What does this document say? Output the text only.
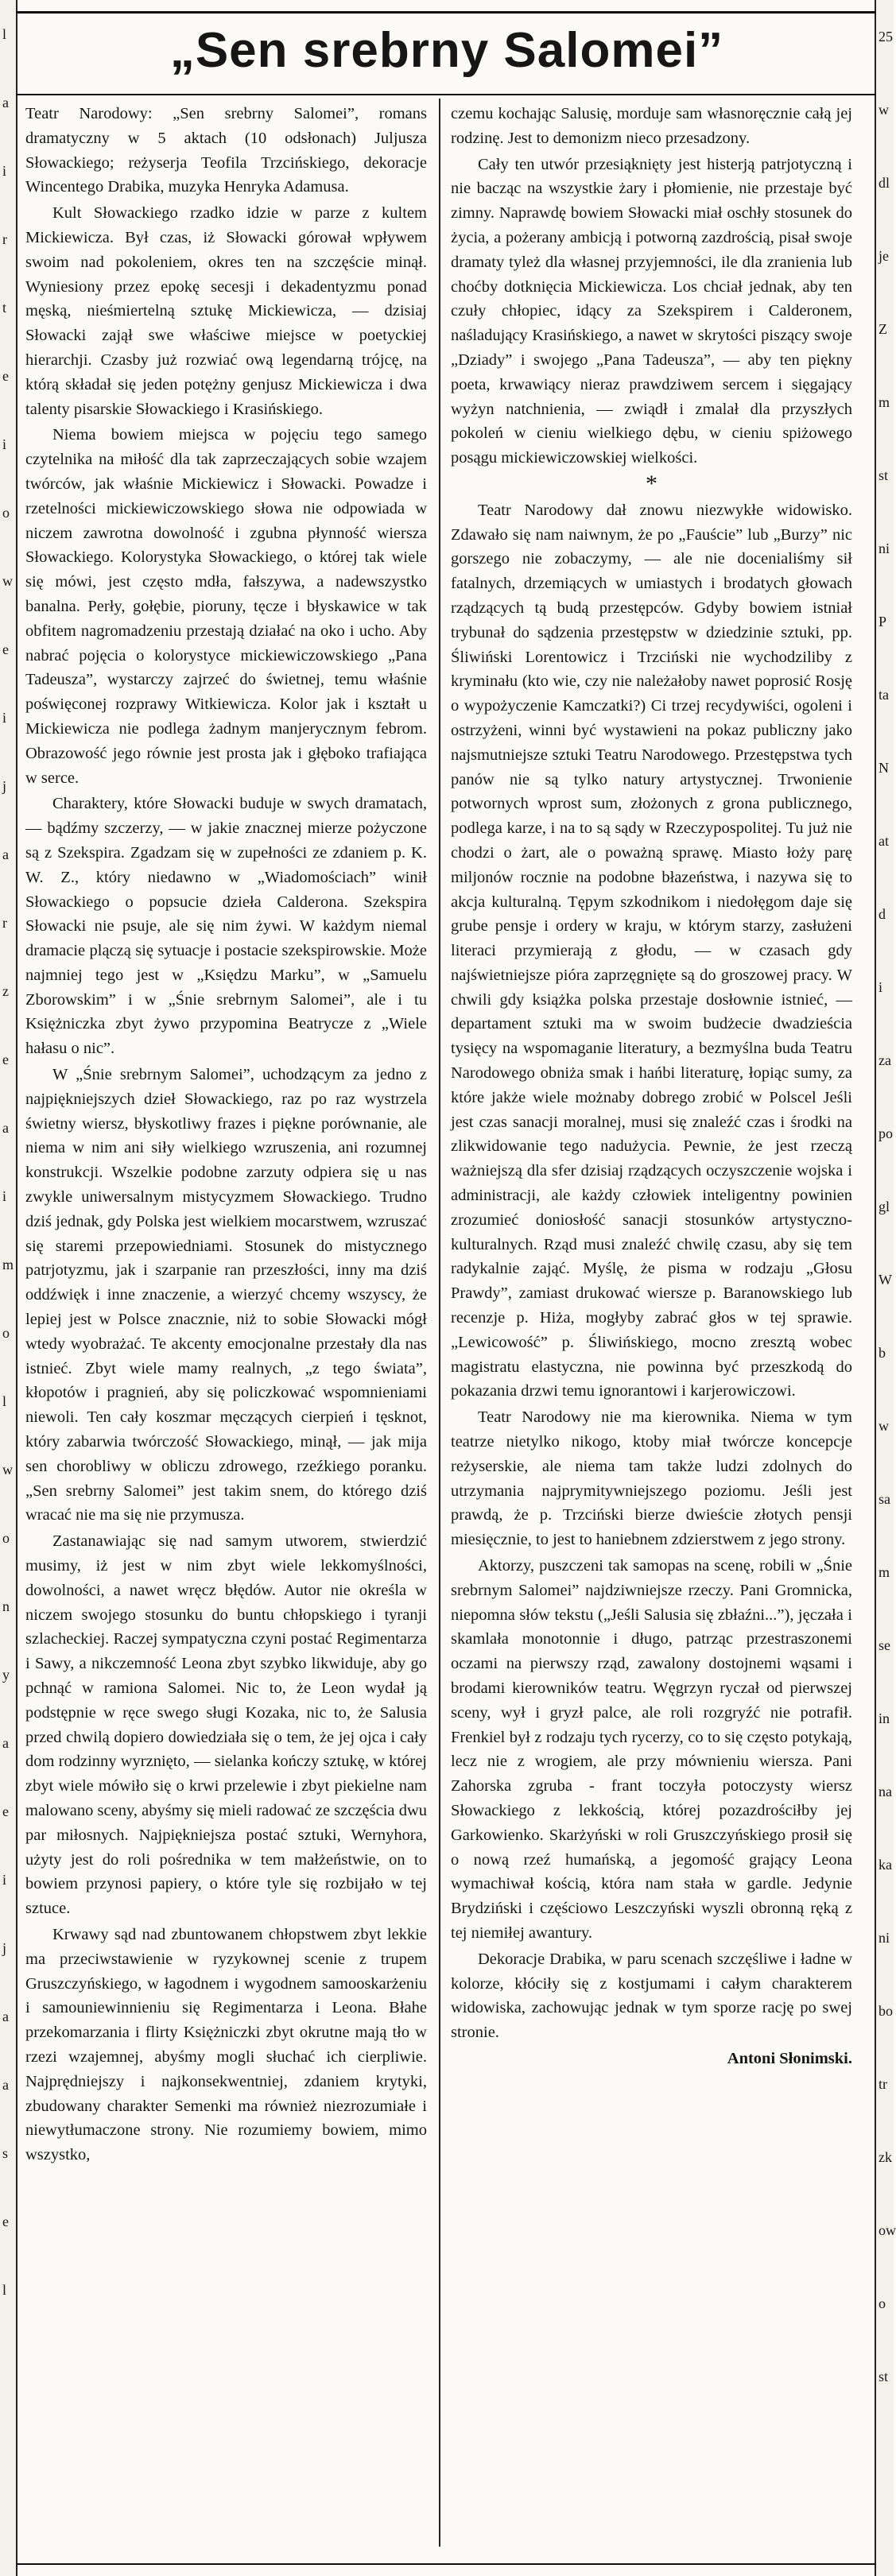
l
a
i
r
t
e
i
o
w
e
i
j
a
r
z
e
a
i
m
o
l
w
o
n
y
a
e
i
j
a
a
s
e
l
25
w
dl
je
Z
m
st
ni
P
ta
N
at
d
i
za
po
gl
W
b
w
sa
m
se
in
na
ka
ni
bo
tr
zk
ow
o
st
„Sen srebrny Salomei”

Teatr Narodowy: „Sen srebrny Salomei”, romans dramatyczny w 5 aktach (10 odsłonach) Juljusza Słowackiego; reżyserja Teofila Trzcińskiego, dekoracje Wincentego Drabika, muzyka Henryka Adamusa.

Kult Słowackiego rzadko idzie w parze z kultem Mickiewicza. Był czas, iż Słowacki górował wpływem swoim nad pokoleniem, okres ten na szczęście minął. Wyniesiony przez epokę secesji i dekadentyzmu ponad męską, nieśmiertelną sztukę Mickiewicza, — dzisiaj Słowacki zajął swe właściwe miejsce w poetyckiej hierarchji. Czasby już rozwiać ową legendarną trójcę, na którą składał się jeden potężny genjusz Mickiewicza i dwa talenty pisarskie Słowackiego i Krasińskiego.

Niema bowiem miejsca w pojęciu tego samego czytelnika na miłość dla tak zaprzeczających sobie wzajem twórców, jak właśnie Mickiewicz i Słowacki. Powadze i rzetelności mickiewiczowskiego słowa nie odpowiada w niczem zawrotna dowolność i zgubna płynność wiersza Słowackiego. Kolorystyka Słowackiego, o której tak wiele się mówi, jest często mdła, fałszywa, a nadewszystko banalna. Perły, gołębie, pioruny, tęcze i błyskawice w tak obfitem nagromadzeniu przestają działać na oko i ucho. Aby nabrać pojęcia o kolorystyce mickiewiczowskiego „Pana Tadeusza”, wystarczy zajrzeć do świetnej, temu właśnie poświęconej rozprawy Witkiewicza. Kolor jak i kształt u Mickiewicza nie podlega żadnym manjerycznym febrom. Obrazowość jego równie jest prosta jak i głęboko trafiająca w serce.

Charaktery, które Słowacki buduje w swych dramatach, — bądźmy szczerzy, — w jakie znacznej mierze pożyczone są z Szekspira. Zgadzam się w zupełności ze zdaniem p. K. W. Z., który niedawno w „Wiadomościach” winił Słowackiego o popsucie dzieła Calderona. Szekspira Słowacki nie psuje, ale się nim żywi. W każdym niemal dramacie plączą się sytuacje i postacie szekspirowskie. Może najmniej tego jest w „Księdzu Marku”, w „Samuelu Zborowskim” i w „Śnie srebrnym Salomei”, ale i tu Księżniczka zbyt żywo przypomina Beatrycze z „Wiele hałasu o nic”.

W „Śnie srebrnym Salomei”, uchodzącym za jedno z najpiękniejszych dzieł Słowackiego, raz po raz wystrzela świetny wiersz, błyskotliwy frazes i piękne porównanie, ale niema w nim ani siły wielkiego wzruszenia, ani rozumnej konstrukcji. Wszelkie podobne zarzuty odpiera się u nas zwykle uniwersalnym mistycyzmem Słowackiego. Trudno dziś jednak, gdy Polska jest wielkiem mocarstwem, wzruszać się staremi przepowiedniami. Stosunek do mistycznego patrjotyzmu, jak i szarpanie ran przeszłości, inny ma dziś oddźwięk i inne znaczenie, a wierzyć chcemy wszyscy, że lepiej jest w Polsce znacznie, niż to sobie Słowacki mógł wtedy wyobrażać. Te akcenty emocjonalne przestały dla nas istnieć. Zbyt wiele mamy realnych, „z tego świata”, kłopotów i pragnień, aby się policzkować wspomnieniami niewoli. Ten cały koszmar męczących cierpień i tęsknot, który zabarwia twórczość Słowackiego, minął, — jak mija sen chorobliwy w obliczu zdrowego, rzeźkiego poranku. „Sen srebrny Salomei” jest takim snem, do którego dziś wracać nie ma się nie przymusza.

Zastanawiając się nad samym utworem, stwierdzić musimy, iż jest w nim zbyt wiele lekkomyślności, dowolności, a nawet wręcz błędów. Autor nie określa w niczem swojego stosunku do buntu chłopskiego i tyranji szlacheckiej. Raczej sympatyczna czyni postać Regimentarza i Sawy, a nikczemność Leona zbyt szybko likwiduje, aby go pchnąć w ramiona Salomei. Nic to, że Leon wydał ją podstępnie w ręce swego sługi Kozaka, nic to, że Salusia przed chwilą dopiero dowiedziała się o tem, że jej ojca i cały dom rodzinny wyrznięto, — sielanka kończy sztukę, w której zbyt wiele mówiło się o krwi przelewie i zbyt piekielne nam malowano sceny, abyśmy się mieli radować ze szczęścia dwu par miłosnych. Najpiękniejsza postać sztuki, Wernyhora, użyty jest do roli pośrednika w tem małżeństwie, on to bowiem przynosi papiery, o które tyle się rozbijało w tej sztuce.

Krwawy sąd nad zbuntowanem chłopstwem zbyt lekkie ma przeciwstawienie w ryzykownej scenie z trupem Gruszczyńskiego, w łagodnem i wygodnem samooskarżeniu i samouniewinnieniu się Regimentarza i Leona. Błahe przekomarzania i flirty Księżniczki zbyt okrutne mają tło w rzezi wzajemnej, abyśmy mogli słuchać ich cierpliwie. Najprędniejszy i najkonsekwentniej, zdaniem krytyki, zbudowany charakter Semenki ma również niezrozumiałe i niewytłumaczone strony. Nie rozumiemy bowiem, mimo wszystko,

czemu kochając Salusię, morduje sam własnoręcznie całą jej rodzinę. Jest to demonizm nieco przesadzony.

Cały ten utwór przesiąknięty jest histerją patrjotyczną i nie bacząc na wszystkie żary i płomienie, nie przestaje być zimny. Naprawdę bowiem Słowacki miał oschły stosunek do życia, a pożerany ambicją i potworną zazdrością, pisał swoje dramaty tyleż dla własnej przyjemności, ile dla zranienia lub choćby dotknięcia Mickiewicza. Los chciał jednak, aby ten czuły chłopiec, idący za Szekspirem i Calderonem, naśladujący Krasińskiego, a nawet w skrytości piszący swoje „Dziady” i swojego „Pana Tadeusza”, — aby ten piękny poeta, krwawiący nieraz prawdziwem sercem i sięgający wyżyn natchnienia, — zwiądł i zmalał dla przyszłych pokoleń w cieniu wielkiego dębu, w cieniu spiżowego posągu mickiewiczowskiej wielkości.

*

Teatr Narodowy dał znowu niezwykłe widowisko. Zdawało się nam naiwnym, że po „Fauście” lub „Burzy” nic gorszego nie zobaczymy, — ale nie docenialiśmy sił fatalnych, drzemiących w umiastych i brodatych głowach rządzących tą budą przestępców. Gdyby bowiem istniał trybunał do sądzenia przestępstw w dziedzinie sztuki, pp. Śliwiński Lorentowicz i Trzciński nie wychodziliby z kryminału (kto wie, czy nie należałoby nawet poprosić Rosję o wypożyczenie Kamczatki?) Ci trzej recydywiści, ogoleni i ostrzyżeni, winni być wystawieni na pokaz publiczny jako najsmutniejsze sztuki Teatru Narodowego. Przestępstwa tych panów nie są tylko natury artystycznej. Trwonienie potwornych wprost sum, złożonych z grona publicznego, podlega karze, i na to są sądy w Rzeczypospolitej. Tu już nie chodzi o żart, ale o poważną sprawę. Miasto łoży parę miljonów rocznie na podobne błazeństwa, i nazywa się to akcja kulturalną. Tępym szkodnikom i niedołęgom daje się grube pensje i ordery w kraju, w którym starzy, zasłużeni literaci przymierają z głodu, — w czasach gdy najświetniejsze pióra zaprzęgnięte są do groszowej pracy. W chwili gdy książka polska przestaje dosłownie istnieć, — departament sztuki ma w swoim budżecie dwadzieścia tysięcy na wspomaganie literatury, a bezmyślna buda Teatru Narodowego obniża smak i hańbi literaturę, łopiąc sumy, za które jakże wiele możnaby dobrego zrobić w Polscel Jeśli jest czas sanacji moralnej, musi się znaleźć czas i środki na zlikwidowanie tego nadużycia. Pewnie, że jest rzeczą ważniejszą dla sfer dzisiaj rządzących oczyszczenie wojska i administracji, ale każdy człowiek inteligentny powinien zrozumieć doniosłość sanacji stosunków artystyczno-kulturalnych. Rząd musi znaleźć chwilę czasu, aby się tem radykalnie zająć. Myślę, że pisma w rodzaju „Głosu Prawdy”, zamiast drukować wiersze p. Baranowskiego lub recenzje p. Hiża, mogłyby zabrać głos w tej sprawie. „Lewicowość” p. Śliwińskiego, mocno zresztą wobec magistratu elastyczna, nie powinna być przeszkodą do pokazania drzwi temu ignorantowi i karjerowiczowi.

Teatr Narodowy nie ma kierownika. Niema w tym teatrze nietylko nikogo, ktoby miał twórcze koncepcje reżyserskie, ale niema tam także ludzi zdolnych do utrzymania najprymitywniejszego poziomu. Jeśli jest prawdą, że p. Trzciński bierze dwieście złotych pensji miesięcznie, to jest to haniebnem zdzierstwem z jego strony.

Aktorzy, puszczeni tak samopas na scenę, robili w „Śnie srebrnym Salomei” najdziwniejsze rzeczy. Pani Gromnicka, niepomna słów tekstu („Jeśli Salusia się zbłaźni...”), jęczała i skamlała monotonnie i długo, patrząc przestraszonemi oczami na pierwszy rząd, zawalony dostojnemi wąsami i brodami kierowników teatru. Węgrzyn ryczał od pierwszej sceny, wył i gryzł palce, ale roli rozgryźć nie potrafił. Frenkiel był z rodzaju tych rycerzy, co to się często potykają, lecz nie z wrogiem, ale przy mównieniu wiersza. Pani Zahorska zgruba - frant toczyła potoczysty wiersz Słowackiego z lekkością, której pozazdrościłby jej Garkowienko. Skarżyński w roli Gruszczyńskiego prosił się o nową rzeź humańską, a jegomość grający Leona wymachiwał kością, która nam stała w gardle. Jedynie Brydziński i częściowo Leszczyński wyszli obronną ręką z tej niemiłej awantury.

Dekoracje Drabika, w paru scenach szczęśliwe i ładne w kolorze, kłóciły się z kostjumami i całym charakterem widowiska, zachowując jednak w tym sporze rację po swej stronie.

Antoni Słonimski.
